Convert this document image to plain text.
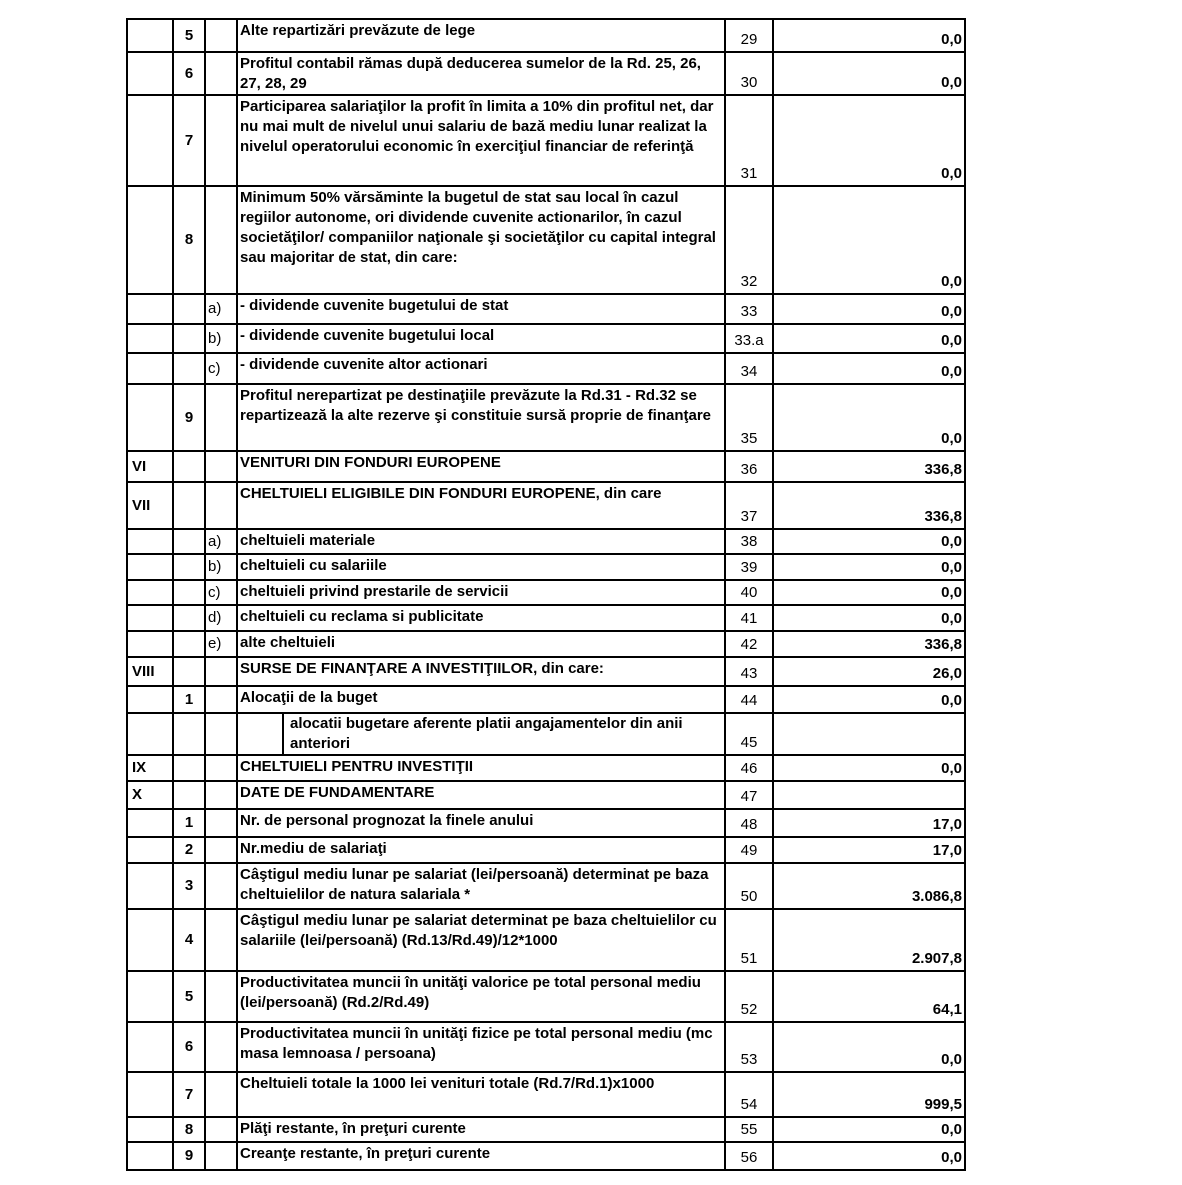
	5		Alte repartizări prevăzute de lege	29	0,0
	6		Profitul contabil rămas după deducerea sumelor de la Rd. 25, 26, 27, 28, 29	30	0,0
	7		Participarea salariaţilor la profit în limita a 10% din profitul net, dar nu mai mult de nivelul unui salariu de bază mediu lunar realizat la nivelul operatorului economic în exerciţiul financiar de referinţă	31	0,0
	8		Minimum 50% vărsăminte la bugetul de stat sau local în cazul regiilor autonome, ori dividende cuvenite actionarilor, în cazul societăţilor/ companiilor naţionale şi societăţilor cu capital integral sau majoritar de stat, din care:	32	0,0
		a)	- dividende cuvenite bugetului de stat	33	0,0
		b)	- dividende cuvenite bugetului local	33.a	0,0
		c)	- dividende cuvenite altor actionari	34	0,0
	9		Profitul nerepartizat pe destinaţiile prevăzute la Rd.31 - Rd.32 se repartizează la alte rezerve şi constituie sursă proprie de finanţare	35	0,0
VI			VENITURI DIN FONDURI EUROPENE	36	336,8
VII			CHELTUIELI ELIGIBILE DIN FONDURI EUROPENE, din care	37	336,8
		a)	cheltuieli materiale	38	0,0
		b)	cheltuieli cu salariile	39	0,0
		c)	cheltuieli privind prestarile de servicii	40	0,0
		d)	cheltuieli cu reclama si publicitate	41	0,0
		e)	alte cheltuieli	42	336,8
VIII			SURSE DE FINANŢARE A INVESTIŢIILOR, din care:	43	26,0
	1		Alocaţii de la buget	44	0,0

			alocatii bugetare aferente platii angajamentelor din anii anteriori	45	
IX			CHELTUIELI PENTRU INVESTIŢII	46	0,0
X			DATE DE FUNDAMENTARE	47	
	1		Nr. de personal prognozat la finele anului	48	17,0
	2		Nr.mediu de salariaţi	49	17,0
	3		Câştigul mediu lunar pe salariat (lei/persoană) determinat pe baza cheltuielilor de natura salariala *	50	3.086,8
	4		Câştigul mediu lunar pe salariat determinat pe baza cheltuielilor cu salariile (lei/persoană) (Rd.13/Rd.49)/12*1000	51	2.907,8
	5		Productivitatea muncii în unităţi valorice pe total personal mediu (lei/persoană) (Rd.2/Rd.49)	52	64,1
	6		Productivitatea muncii în unităţi fizice pe total personal mediu (mc masa lemnoasa / persoana)	53	0,0
	7		Cheltuieli totale la 1000 lei venituri totale (Rd.7/Rd.1)x1000	54	999,5
	8		Plăţi restante, în preţuri curente	55	0,0
	9		Creanţe restante, în preţuri curente	56	0,0
